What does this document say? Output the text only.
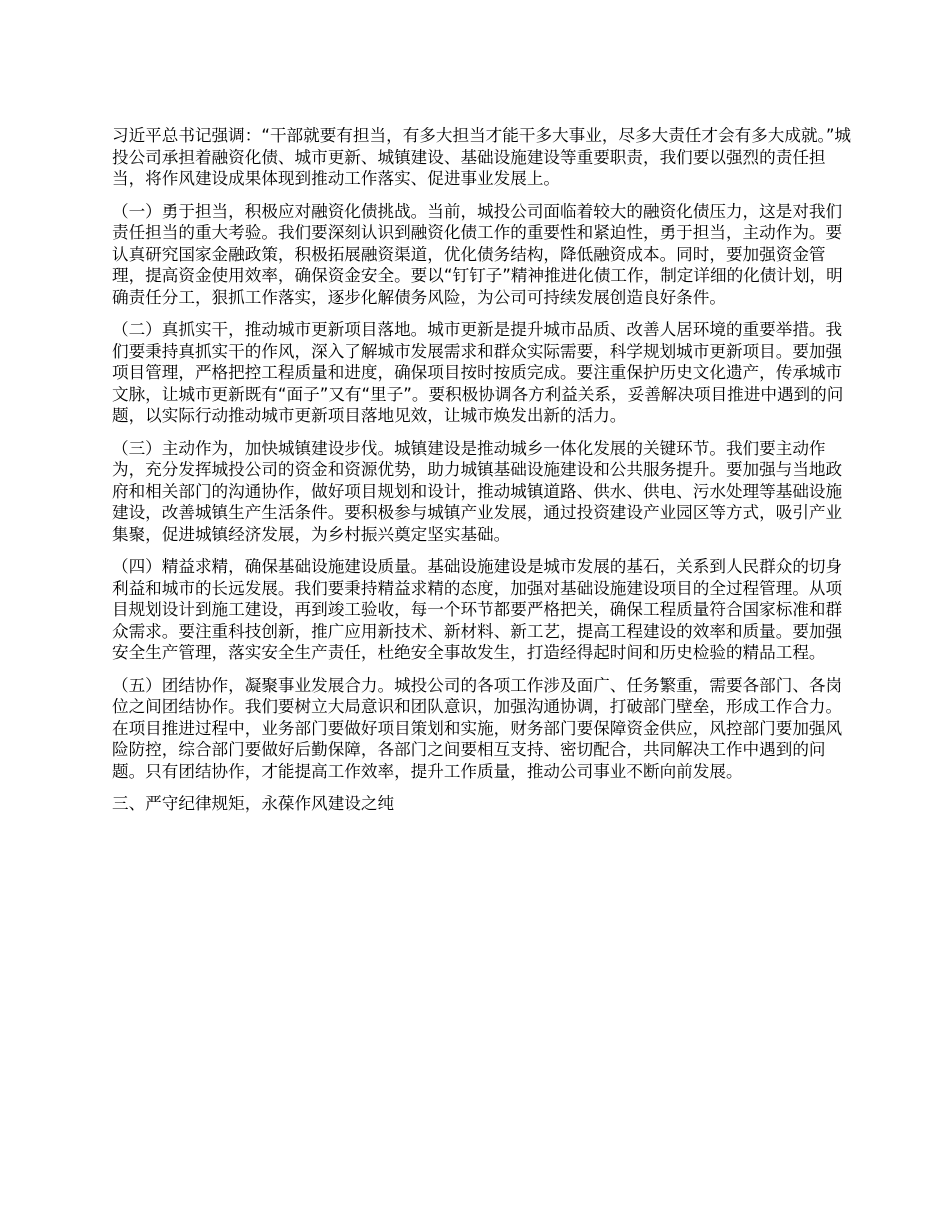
习近平总书记强调：“干部就要有担当，有多大担当才能干多大事业，尽多大责任才会有多大成就。”城投公司承担着融资化债、城市更新、城镇建设、基础设施建设等重要职责，我们要以强烈的责任担当，将作风建设成果体现到推动工作落实、促进事业发展上。

（一）勇于担当，积极应对融资化债挑战。当前，城投公司面临着较大的融资化债压力，这是对我们责任担当的重大考验。我们要深刻认识到融资化债工作的重要性和紧迫性，勇于担当，主动作为。要认真研究国家金融政策，积极拓展融资渠道，优化债务结构，降低融资成本。同时，要加强资金管理，提高资金使用效率，确保资金安全。要以“钉钉子”精神推进化债工作，制定详细的化债计划，明确责任分工，狠抓工作落实，逐步化解债务风险，为公司可持续发展创造良好条件。

（二）真抓实干，推动城市更新项目落地。城市更新是提升城市品质、改善人居环境的重要举措。我们要秉持真抓实干的作风，深入了解城市发展需求和群众实际需要，科学规划城市更新项目。要加强项目管理，严格把控工程质量和进度，确保项目按时按质完成。要注重保护历史文化遗产，传承城市文脉，让城市更新既有“面子”又有“里子”。要积极协调各方利益关系，妥善解决项目推进中遇到的问题，以实际行动推动城市更新项目落地见效，让城市焕发出新的活力。

（三）主动作为，加快城镇建设步伐。城镇建设是推动城乡一体化发展的关键环节。我们要主动作为，充分发挥城投公司的资金和资源优势，助力城镇基础设施建设和公共服务提升。要加强与当地政府和相关部门的沟通协作，做好项目规划和设计，推动城镇道路、供水、供电、污水处理等基础设施建设，改善城镇生产生活条件。要积极参与城镇产业发展，通过投资建设产业园区等方式，吸引产业集聚，促进城镇经济发展，为乡村振兴奠定坚实基础。

（四）精益求精，确保基础设施建设质量。基础设施建设是城市发展的基石，关系到人民群众的切身利益和城市的长远发展。我们要秉持精益求精的态度，加强对基础设施建设项目的全过程管理。从项目规划设计到施工建设，再到竣工验收，每一个环节都要严格把关，确保工程质量符合国家标准和群众需求。要注重科技创新，推广应用新技术、新材料、新工艺，提高工程建设的效率和质量。要加强安全生产管理，落实安全生产责任，杜绝安全事故发生，打造经得起时间和历史检验的精品工程。

（五）团结协作，凝聚事业发展合力。城投公司的各项工作涉及面广、任务繁重，需要各部门、各岗位之间团结协作。我们要树立大局意识和团队意识，加强沟通协调，打破部门壁垒，形成工作合力。在项目推进过程中，业务部门要做好项目策划和实施，财务部门要保障资金供应，风控部门要加强风险防控，综合部门要做好后勤保障，各部门之间要相互支持、密切配合，共同解决工作中遇到的问题。只有团结协作，才能提高工作效率，提升工作质量，推动公司事业不断向前发展。

三、严守纪律规矩，永葆作风建设之纯
